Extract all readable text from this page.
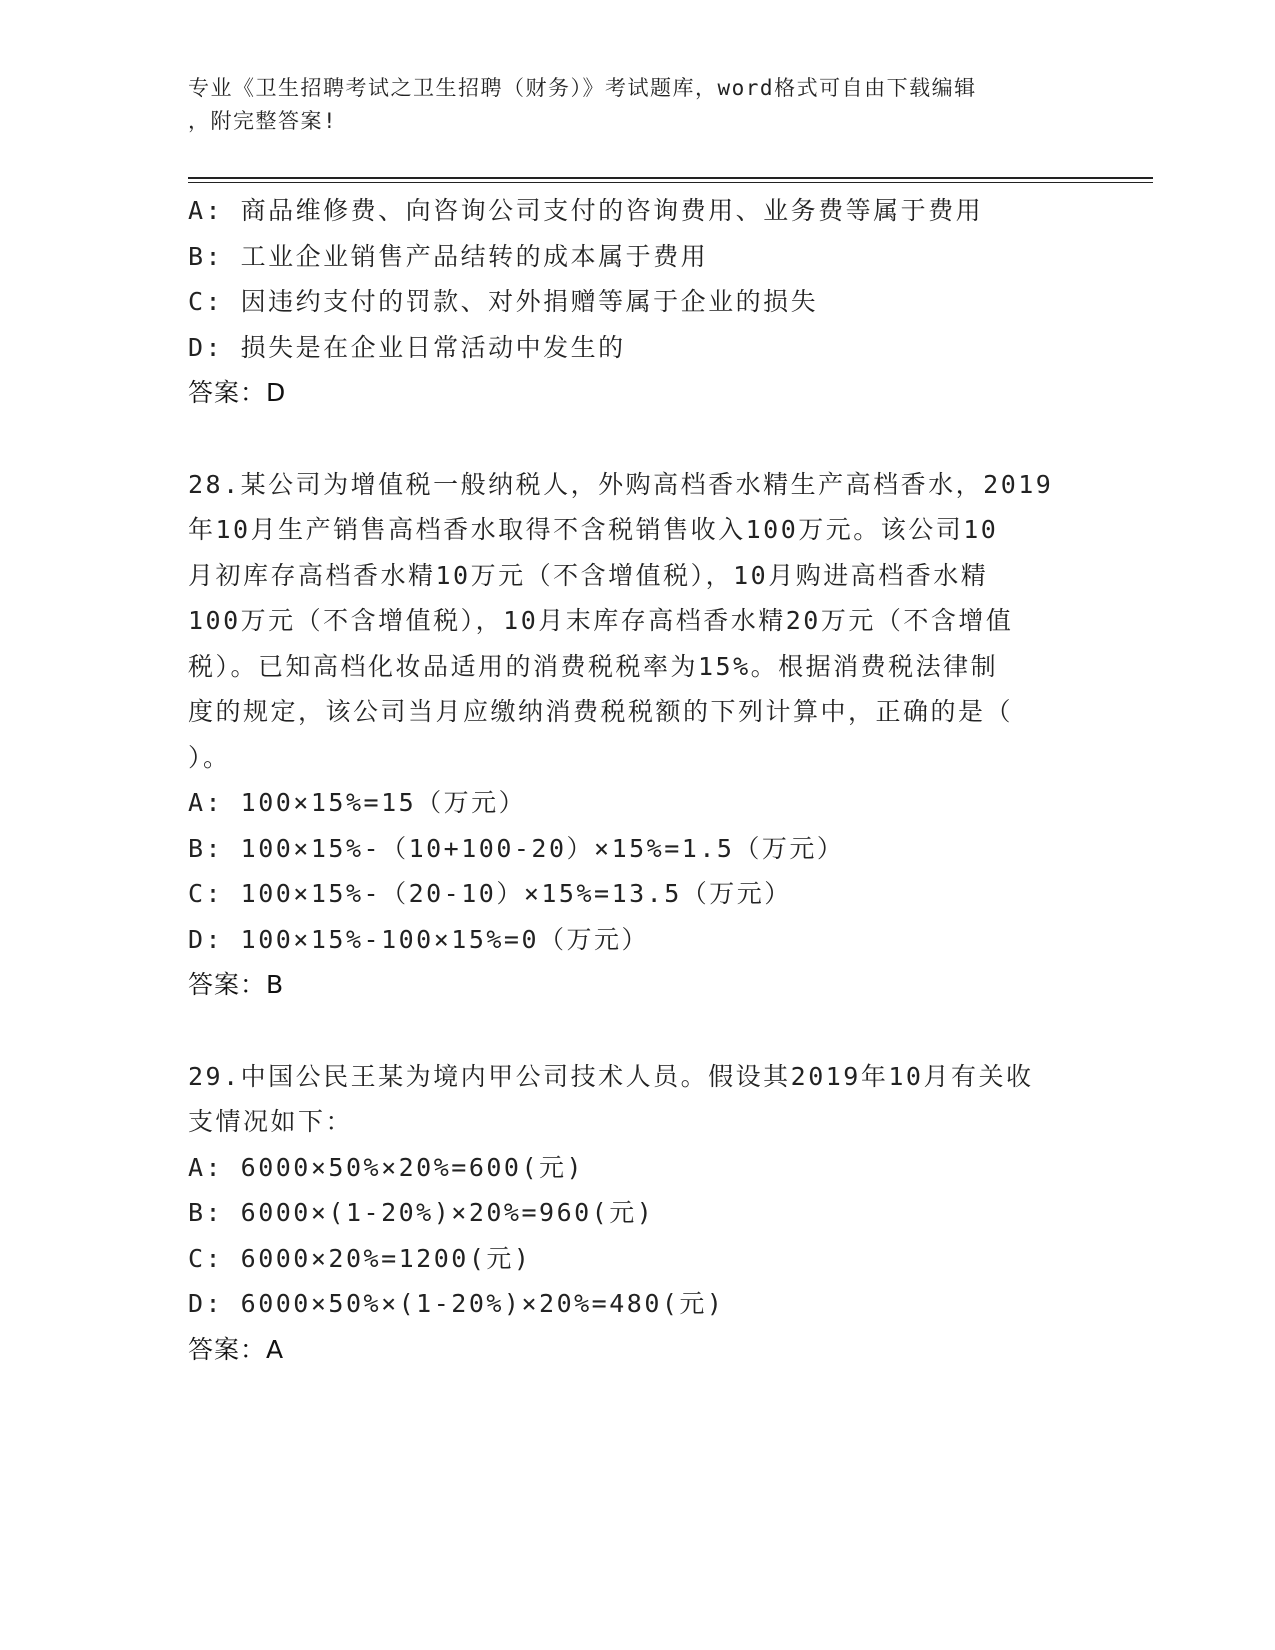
专业《卫生招聘考试之卫生招聘（财务）》考试题库，word格式可自由下载编辑
，附完整答案!
A: 商品维修费、向咨询公司支付的咨询费用、业务费等属于费用
B: 工业企业销售产品结转的成本属于费用
C: 因违约支付的罚款、对外捐赠等属于企业的损失
D: 损失是在企业日常活动中发生的
答案：D
28.某公司为增值税一般纳税人，外购高档香水精生产高档香水，2019
年10月生产销售高档香水取得不含税销售收入100万元。该公司10
月初库存高档香水精10万元（不含增值税），10月购进高档香水精
100万元（不含增值税），10月末库存高档香水精20万元（不含增值
税）。已知高档化妆品适用的消费税税率为15%。根据消费税法律制
度的规定，该公司当月应缴纳消费税税额的下列计算中，正确的是（
）。
A: 100×15%=15（万元）
B: 100×15%-（10+100-20）×15%=1.5（万元）
C: 100×15%-（20-10）×15%=13.5（万元）
D: 100×15%-100×15%=0（万元）
答案：B
29.中国公民王某为境内甲公司技术人员。假设其2019年10月有关收
支情况如下：
A: 6000×50%×20%=600(元)
B: 6000×(1-20%)×20%=960(元)
C: 6000×20%=1200(元)
D: 6000×50%×(1-20%)×20%=480(元)
答案：A
